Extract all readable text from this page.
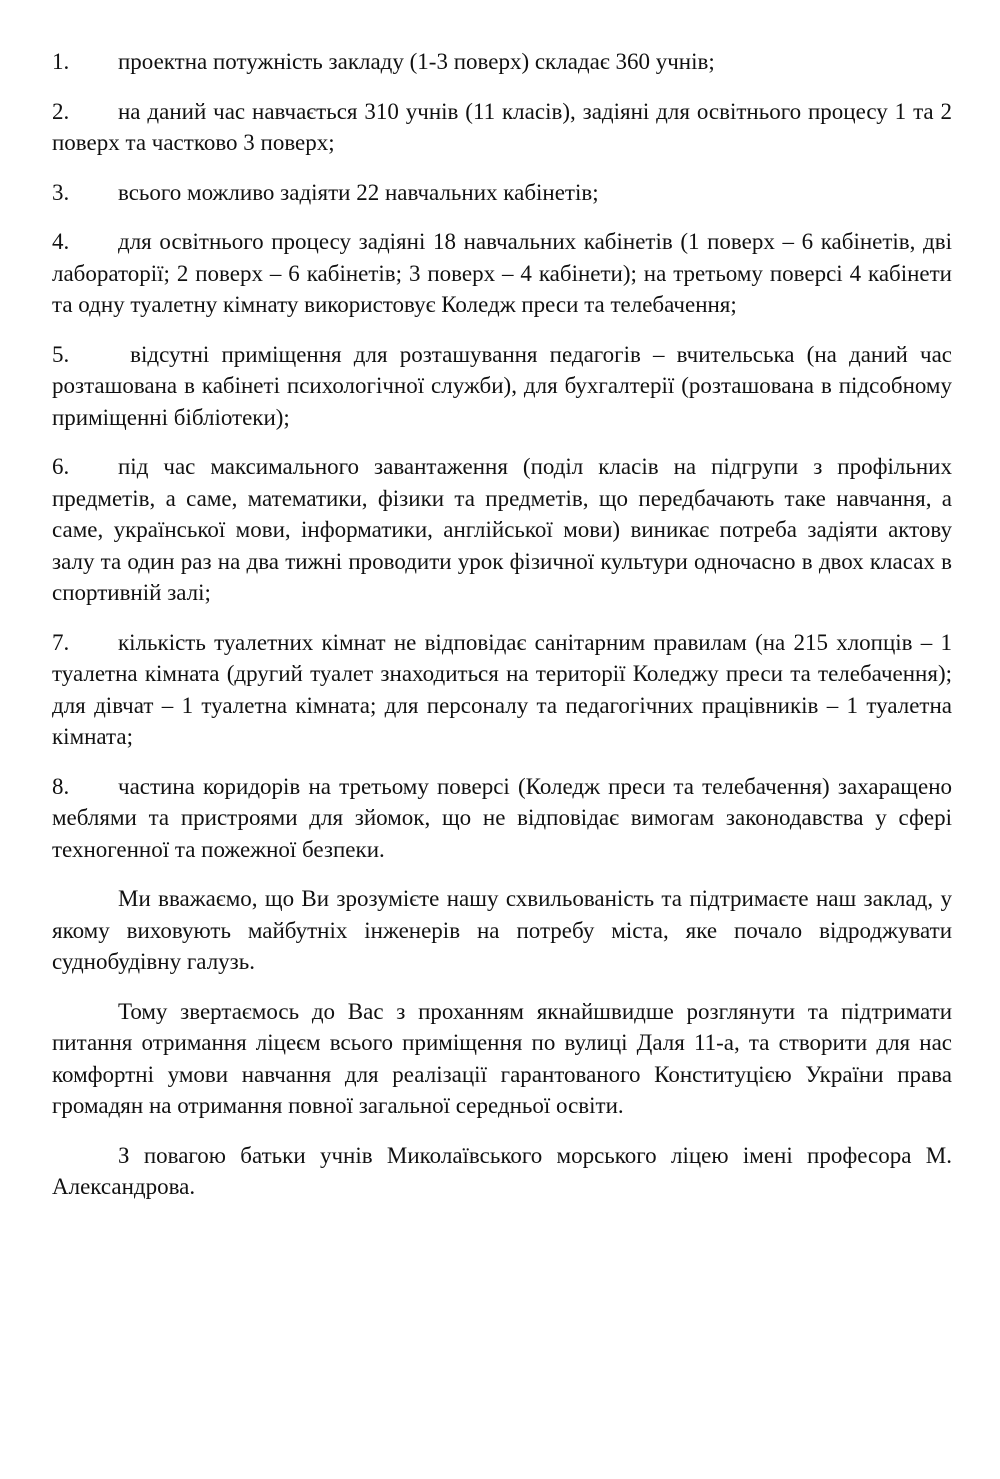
1. проектна потужність закладу (1-3 поверх) складає 360 учнів;
2. на даний час навчається 310 учнів (11 класів), задіяні для освітнього процесу 1 та 2 поверх та частково 3 поверх;
3. всього можливо задіяти 22 навчальних кабінетів;
4. для освітнього процесу задіяні 18 навчальних кабінетів (1 поверх – 6 кабінетів, дві лабораторії; 2 поверх – 6 кабінетів; 3 поверх – 4 кабінети); на третьому поверсі 4 кабінети та одну туалетну кімнату використовує Коледж преси та телебачення;
5. відсутні приміщення для розташування педагогів – вчительська (на даний час розташована в кабінеті психологічної служби), для бухгалтерії (розташована в підсобному приміщенні бібліотеки);
6. під час максимального завантаження (поділ класів на підгрупи з профільних предметів, а саме, математики, фізики та предметів, що передбачають таке навчання, а саме, української мови, інформатики, англійської мови) виникає потреба задіяти актову залу та один раз на два тижні проводити урок фізичної культури одночасно в двох класах в спортивній залі;
7. кількість туалетних кімнат не відповідає санітарним правилам (на 215 хлопців – 1 туалетна кімната (другий туалет знаходиться на території Коледжу преси та телебачення); для дівчат – 1 туалетна кімната; для персоналу та педагогічних працівників – 1 туалетна кімната;
8. частина коридорів на третьому поверсі (Коледж преси та телебачення) захаращено меблями та пристроями для зйомок, що не відповідає вимогам законодавства у сфері техногенної та пожежної безпеки.

Ми вважаємо, що Ви зрозумієте нашу схвильованість та підтримаєте наш заклад, у якому виховують майбутніх інженерів на потребу міста, яке почало відроджувати суднобудівну галузь.

Тому звертаємось до Вас з проханням якнайшвидше розглянути та підтримати питання отримання ліцеєм всього приміщення по вулиці Даля 11-а, та створити для нас комфортні умови навчання для реалізації гарантованого Конституцією України права громадян на отримання повної загальної середньої освіти.

З повагою батьки учнів Миколаївського морського ліцею імені професора М. Александрова.
